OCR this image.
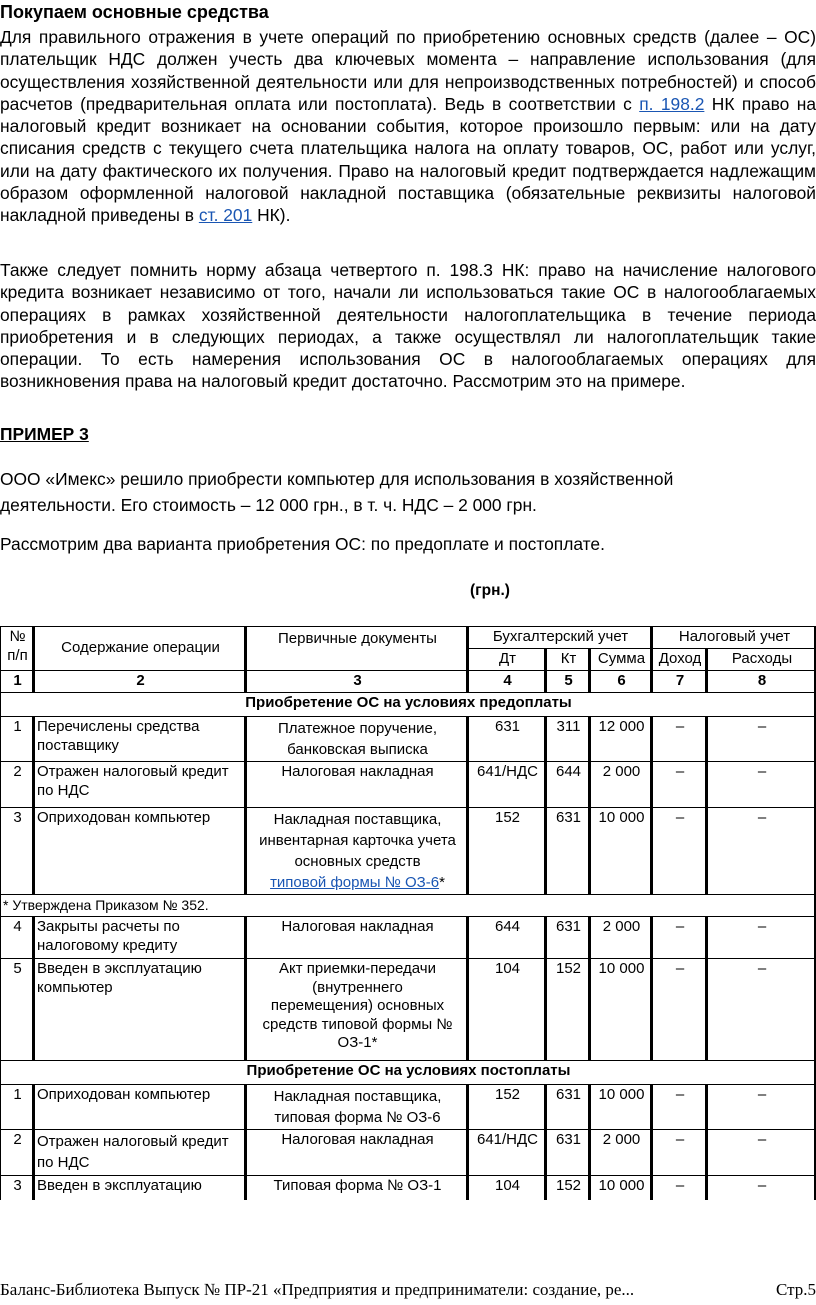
Покупаем основные средства

Для правильного отражения в учете операций по приобретению основных средств (далее – ОС) плательщик НДС должен учесть два ключевых момента – направление использования (для осуществления хозяйственной деятельности или для непроизводственных потребностей) и способ расчетов (предварительная оплата или постоплата). Ведь в соответствии с п. 198.2 НК право на налоговый кредит возникает на основании события, которое произошло первым: или на дату списания средств с текущего счета плательщика налога на оплату товаров, ОС, работ или услуг, или на дату фактического их получения. Право на налоговый кредит подтверждается надлежащим образом оформленной налоговой накладной поставщика (обязательные реквизиты налоговой накладной приведены в ст. 201 НК).

Также следует помнить норму абзаца четвертого п. 198.3 НК: право на начисление налогового кредита возникает независимо от того, начали ли использоваться такие ОС в налогооблагаемых операциях в рамках хозяйственной деятельности налогоплательщика в течение периода приобретения и в следующих периодах, а также осуществлял ли налогоплательщик такие операции. То есть намерения использования ОС в налогооблагаемых операциях для возникновения права на налоговый кредит достаточно. Рассмотрим это на примере.

ПРИМЕР 3
ООО «Имекс» решило приобрести компьютер для использования в хозяйственной
деятельности. Его стоимость – 12 000 грн., в т. ч. НДС – 2 000 грн.
Рассмотрим два варианта приобретения ОС: по предоплате и постоплате.
(грн.)
№ п/п	Содержание операции	Первичные документы	Бухгалтерский учет			Налоговый учет	
			Дт	Кт	Сумма	Доход	Расходы
1	2	3	4	5	6	7	8
Приобретение ОС на условиях предоплаты							
1	Перечислены средства поставщику	Платежное поручение, банковская выписка	631	311	12 000	–	–
2	Отражен налоговый кредит по НДС	Налоговая накладная	641/НДС	644	2 000	–	–
3	Оприходован компьютер	Накладная поставщика, инвентарная карточка учета основных средств
типовой формы № ОЗ-6*	152	631	10 000	–	–
* Утверждена Приказом № 352.							
4	Закрыты расчеты по налоговому кредиту	Налоговая накладная	644	631	2 000	–	–
5	Введен в эксплуатацию компьютер	Акт приемки-передачи (внутреннего перемещения) основных средств типовой формы № ОЗ-1*	104	152	10 000	–	–
Приобретение ОС на условиях постоплаты							
1	Оприходован компьютер	Накладная поставщика, типовая форма № ОЗ-6	152	631	10 000	–	–
2	Отражен налоговый кредит по НДС	Налоговая накладная	641/НДС	631	2 000	–	–
3	Введен в эксплуатацию	Типовая форма № ОЗ-1	104	152	10 000	–	–
Баланс-Библиотека Выпуск № ПР-21 «Предприятия и предприниматели: создание, ре...	Стр.5
